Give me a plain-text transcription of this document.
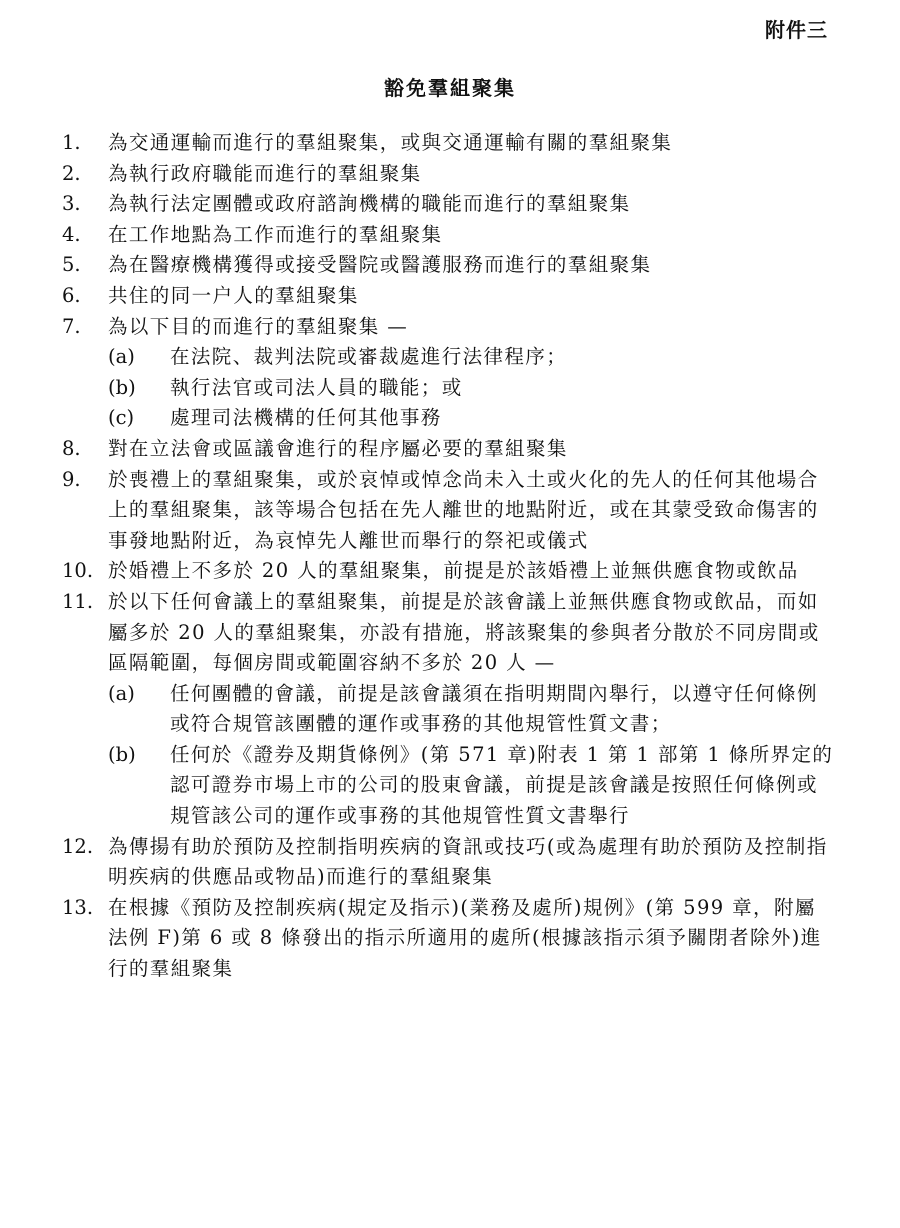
附件三
豁免羣組聚集
1.	為交通運輸而進行的羣組聚集，或與交通運輸有關的羣組聚集
2.	為執行政府職能而進行的羣組聚集
3.	為執行法定團體或政府諮詢機構的職能而進行的羣組聚集
4.	在工作地點為工作而進行的羣組聚集
5.	為在醫療機構獲得或接受醫院或醫護服務而進行的羣組聚集
6.	共住的同一户人的羣組聚集
7.	為以下目的而進行的羣組聚集 —
(a)	在法院、裁判法院或審裁處進行法律程序；
(b)	執行法官或司法人員的職能；或
(c)	處理司法機構的任何其他事務
8.	對在立法會或區議會進行的程序屬必要的羣組聚集
9.	於喪禮上的羣組聚集，或於哀悼或悼念尚未入土或火化的先人的任何其他場合上的羣組聚集，該等場合包括在先人離世的地點附近，或在其蒙受致命傷害的事發地點附近，為哀悼先人離世而舉行的祭祀或儀式
10. 於婚禮上不多於 20 人的羣組聚集，前提是於該婚禮上並無供應食物或飲品
11. 於以下任何會議上的羣組聚集，前提是於該會議上並無供應食物或飲品，而如屬多於 20 人的羣組聚集，亦設有措施，將該聚集的參與者分散於不同房間或區隔範圍，每個房間或範圍容納不多於 20 人 —
(a)	任何團體的會議，前提是該會議須在指明期間內舉行，以遵守任何條例或符合規管該團體的運作或事務的其他規管性質文書；
(b)	任何於《證券及期貨條例》(第 571 章)附表 1 第 1 部第 1 條所界定的認可證券市場上市的公司的股東會議，前提是該會議是按照任何條例或規管該公司的運作或事務的其他規管性質文書舉行
12. 為傳揚有助於預防及控制指明疾病的資訊或技巧(或為處理有助於預防及控制指明疾病的供應品或物品)而進行的羣組聚集
13. 在根據《預防及控制疾病(規定及指示)(業務及處所)規例》(第 599 章，附屬法例 F)第 6 或 8 條發出的指示所適用的處所(根據該指示須予關閉者除外)進行的羣組聚集
